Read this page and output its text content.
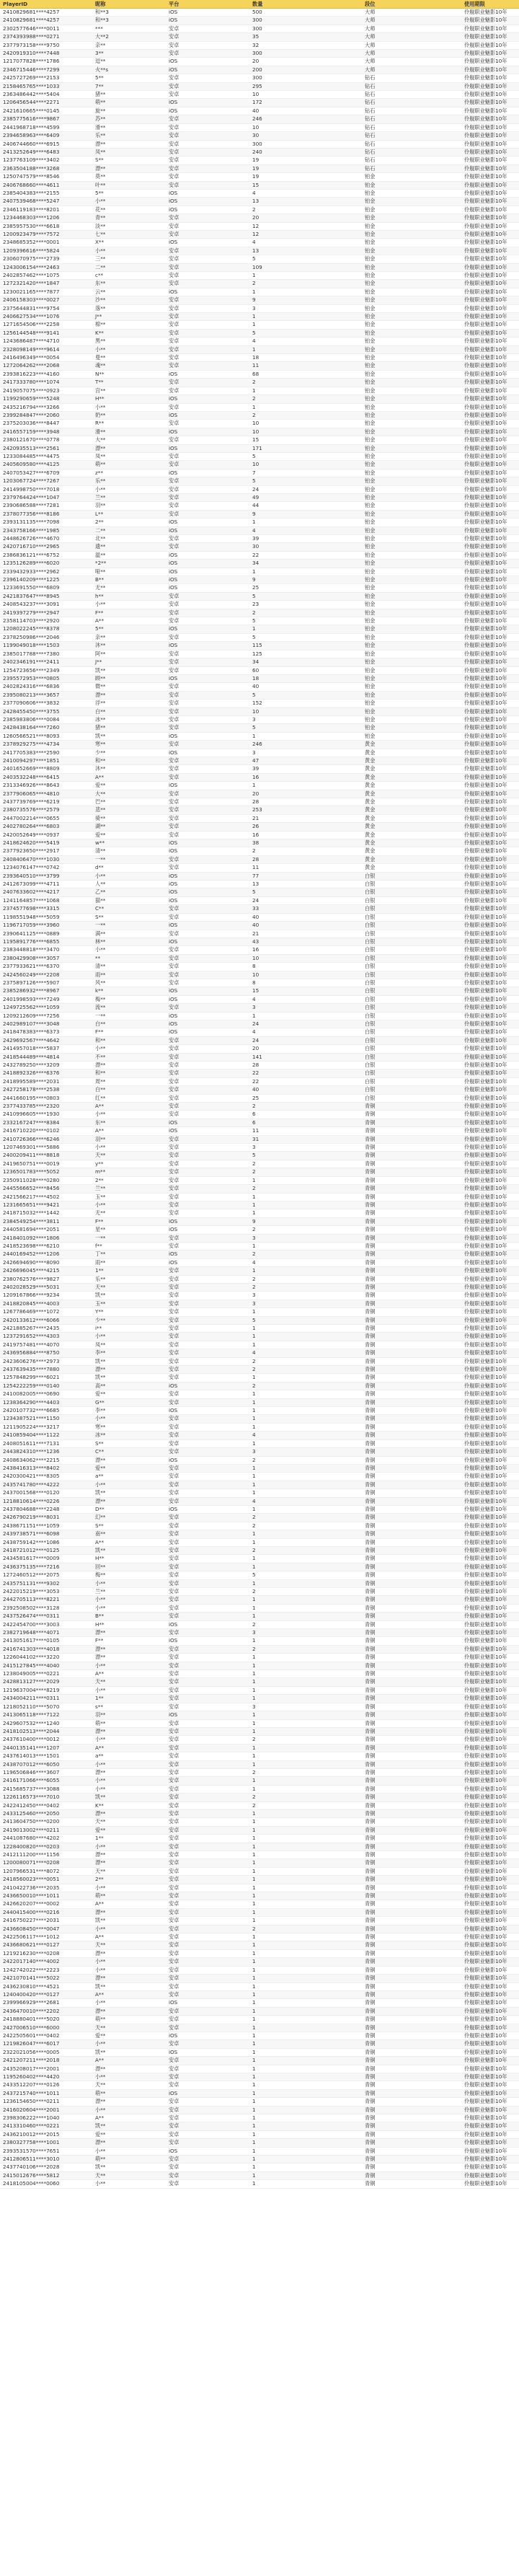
PlayerID	昵称	平台	数量	段位	使用期限
2410829681****4257	和**3	iOS	500	大师	伶舰职业魅影10年
2410829681****4257	和**3	iOS	300	大师	伶舰职业魅影10年
2302577646****0011	***	安卓	300	大师	伶舰职业魅影10年
2374393988****0271	大**2	安卓	35	大师	伶舰职业魅影10年
2377973158****9750	亲**	安卓	32	大师	伶舰职业魅影10年
2420919310****7448	3**	安卓	300	大师	伶舰职业魅影10年
1217077828****1786	逗**	iOS	20	大师	伶舰职业魅影10年
2346715446****7299	火**s	iOS	200	大师	伶舰职业魅影10年
2425727269****2153	5**	安卓	300	钻石	伶舰职业魅影10年
2158465765****1033	7**	安卓	295	钻石	伶舰职业魅影10年
2363486442****5404	猪**	安卓	10	钻石	伶舰职业魅影10年
1206456544****2271	萌**	iOS	172	钻石	伶舰职业魅影10年
2421610665****0145	旋**	iOS	40	钻石	伶舰职业魅影10年
2385775616****9867	苏**	安卓	246	钻石	伶舰职业魅影10年
2441968718****4599	滑**	安卓	10	钻石	伶舰职业魅影10年
2394658963****6409	乐**	安卓	30	钻石	伶舰职业魅影10年
2406744660****6915	漂**	安卓	300	钻石	伶舰职业魅影10年
2413252649****6483	凤**	安卓	240	钻石	伶舰职业魅影10年
1237763109****3402	S**	安卓	19	钻石	伶舰职业魅影10年
2363504188****3268	漂**	安卓	19	钻石	伶舰职业魅影10年
1250747579****8546	莫**	安卓	19	铂金	伶舰职业魅影10年
2406768660****4611	叶**	安卓	15	铂金	伶舰职业魅影10年
2385404383****2155	5**	iOS	4	铂金	伶舰职业魅影10年
2407539468****5247	小**	iOS	13	铂金	伶舰职业魅影10年
2346119183****8201	花**	iOS	2	铂金	伶舰职业魅影10年
1234468303****1206	青**	安卓	20	铂金	伶舰职业魅影10年
2385957530****6618	淡**	安卓	12	铂金	伶舰职业魅影10年
1200923479****7572	七**	安卓	12	铂金	伶舰职业魅影10年
2348685352****0001	X**	iOS	4	铂金	伶舰职业魅影10年
1209396616****5824	小**	安卓	13	铂金	伶舰职业魅影10年
2306070975****2739	三**	安卓	5	铂金	伶舰职业魅影10年
1243006154****2463	二**	安卓	109	铂金	伶舰职业魅影10年
2402857462****1075	c**	安卓	1	铂金	伶舰职业魅影10年
1272321420****1847	东**	安卓	2	铂金	伶舰职业魅影10年
1230021165****7877	云**	iOS	1	铂金	伶舰职业魅影10年
2406158303****0027	沙**	安卓	9	铂金	伶舰职业魅影10年
2375644831****9754	落**	安卓	3	铂金	伶舰职业魅影10年
2406627534****1076	J**	安卓	1	铂金	伶舰职业魅影10年
1271654506****2258	棉**	安卓	1	铂金	伶舰职业魅影10年
1256144548****9141	K**	安卓	5	铂金	伶舰职业魅影10年
1243686487****4710	黑**	安卓	4	铂金	伶舰职业魅影10年
2328098149****9614	小**	安卓	1	铂金	伶舰职业魅影10年
2416496349****0054	曼**	安卓	18	铂金	伶舰职业魅影10年
1272064262****2068	魂**	安卓	11	铂金	伶舰职业魅影10年
2393816223****4160	N**	iOS	68	铂金	伶舰职业魅影10年
2417333780****1074	T**	安卓	2	铂金	伶舰职业魅影10年
2419057075****0923	宫**	安卓	1	铂金	伶舰职业魅影10年
1199290659****5248	H**	iOS	2	铂金	伶舰职业魅影10年
2435216794****3266	小**	安卓	1	铂金	伶舰职业魅影10年
2399284847****2060	奶**	iOS	2	铂金	伶舰职业魅影10年
2375203036****8447	R**	安卓	10	铂金	伶舰职业魅影10年
2416557159****3948	滑**	iOS	10	铂金	伶舰职业魅影10年
2380121670****0778	大**	安卓	15	铂金	伶舰职业魅影10年
2420935513****2561	漂**	iOS	171	铂金	伶舰职业魅影10年
1233084485****4475	凤**	安卓	5	铂金	伶舰职业魅影10年
2405609580****4125	萌**	安卓	10	铂金	伶舰职业魅影10年
2407053427****6709	z**	iOS	7	铂金	伶舰职业魅影10年
1203067724****7267	乐**	安卓	5	铂金	伶舰职业魅影10年
2414998750****7018	小**	安卓	24	铂金	伶舰职业魅影10年
2379764424****1047	兰**	安卓	49	铂金	伶舰职业魅影10年
2390686588****7281	羽**	安卓	44	铂金	伶舰职业魅影10年
2378077356****8186	L**	安卓	9	铂金	伶舰职业魅影10年
2393131135****7098	2**	iOS	1	铂金	伶舰职业魅影10年
2343758166****1985	二**	iOS	4	铂金	伶舰职业魅影10年
2448626726****4670	北**	安卓	39	铂金	伶舰职业魅影10年
2420716710****2965	遗**	安卓	30	铂金	伶舰职业魅影10年
2386836121****6752	温**	iOS	22	铂金	伶舰职业魅影10年
1235126289****6020	*2**	iOS	34	铂金	伶舰职业魅影10年
2339432933****2962	哑**	iOS	1	铂金	伶舰职业魅影10年
2396140209****1225	B**	iOS	9	铂金	伶舰职业魅影10年
1233691550****6809	无**	iOS	25	铂金	伶舰职业魅影10年
2421837647****8945	h**	安卓	5	铂金	伶舰职业魅影10年
2408543237****3091	小**	安卓	23	铂金	伶舰职业魅影10年
2419397279****2947	F**	安卓	2	铂金	伶舰职业魅影10年
2358114703****2920	A**	安卓	5	铂金	伶舰职业魅影10年
1208022245****8378	5**	iOS	1	铂金	伶舰职业魅影10年
2378250986****2046	亲**	安卓	5	铂金	伶舰职业魅影10年
1199049018****1503	沐**	iOS	115	铂金	伶舰职业魅影10年
2385017788****7380	阿**	安卓	125	铂金	伶舰职业魅影10年
2402346191****2411	J**	安卓	34	铂金	伶舰职业魅影10年
1254723656****2349	凯**	安卓	60	铂金	伶舰职业魅影10年
2395572953****0805	顾**	iOS	18	铂金	伶舰职业魅影10年
2402824316****6836	微**	安卓	40	铂金	伶舰职业魅影10年
2395080213****3657	漂**	安卓	5	铂金	伶舰职业魅影10年
2377090606****3832	浮**	安卓	152	铂金	伶舰职业魅影10年
2428455450****3755	白**	安卓	10	铂金	伶舰职业魅影10年
2385983806****0084	冰**	安卓	3	铂金	伶舰职业魅影10年
2428438164****7260	猪**	安卓	5	铂金	伶舰职业魅影10年
1260566521****8093	凯**	iOS	1	铂金	伶舰职业魅影10年
2378929275****4734	寒**	安卓	246	黄金	伶舰职业魅影10年
2417705383****2590	少**	iOS	3	黄金	伶舰职业魅影10年
2410094297****1851	和**	安卓	47	黄金	伶舰职业魅影10年
2401652669****8809	沐**	安卓	39	黄金	伶舰职业魅影10年
2403532248****6415	A**	安卓	16	黄金	伶舰职业魅影10年
2313346926****8643	爱**	iOS	1	黄金	伶舰职业魅影10年
2377906065****4810	大**	安卓	20	黄金	伶舰职业魅影10年
2437739769****6219	巴**	安卓	28	黄金	伶舰职业魅影10年
2380735576****2579	悲**	安卓	253	黄金	伶舰职业魅影10年
2447002214****0655	骑**	安卓	21	黄金	伶舰职业魅影10年
2402780264****6803	湖**	安卓	26	黄金	伶舰职业魅影10年
2420052649****0937	爱**	安卓	16	黄金	伶舰职业魅影10年
2418624620****5419	w**	iOS	38	黄金	伶舰职业魅影10年
2377923650****2917	清**	iOS	2	黄金	伶舰职业魅影10年
2408406470****1030	一**	安卓	28	黄金	伶舰职业魅影10年
1234076147****0742	d**	安卓	11	黄金	伶舰职业魅影10年
2393640510****3799	小**	iOS	77	白银	伶舰职业魅影10年
2412673099****4711	人**	iOS	13	白银	伶舰职业魅影10年
2407633602****4217	乙**	iOS	5	白银	伶舰职业魅影10年
1241164857****1068	猫**	iOS	24	白银	伶舰职业魅影10年
2374577698****3315	C**	安卓	33	白银	伶舰职业魅影10年
1198551948****5059	S**	安卓	40	白银	伶舰职业魅影10年
1196717059****3960	一**	iOS	40	白银	伶舰职业魅影10年
2390641125****0889	满**	安卓	21	白银	伶舰职业魅影10年
1195891776****6855	林**	iOS	43	白银	伶舰职业魅影10年
2383448818****3470	小**	安卓	16	白银	伶舰职业魅影10年
2380429908****3057	**	安卓	10	白银	伶舰职业魅影10年
2377933621****6370	清**	安卓	8	白银	伶舰职业魅影10年
2424560249****2208	雨**	安卓	10	白银	伶舰职业魅影10年
2375897126****5907	风**	安卓	8	白银	伶舰职业魅影10年
2385286932****8967	k**	iOS	15	白银	伶舰职业魅影10年
2401998593****7249	梅**	iOS	4	白银	伶舰职业魅影10年
1249725562****1059	流**	安卓	3	白银	伶舰职业魅影10年
1209212609****7256	一**	iOS	1	白银	伶舰职业魅影10年
2402989107****3048	白**	iOS	24	白银	伶舰职业魅影10年
2418478383****6373	F**	iOS	4	白银	伶舰职业魅影10年
2429692567****4642	和**	安卓	24	白银	伶舰职业魅影10年
2414957018****5837	小**	安卓	20	白银	伶舰职业魅影10年
2418544489****4814	不**	安卓	141	白银	伶舰职业魅影10年
2432789250****3209	漂**	安卓	28	白银	伶舰职业魅影10年
2418892326****6376	和**	安卓	22	白银	伶舰职业魅影10年
2418995589****2031	周**	安卓	22	白银	伶舰职业魅影10年
2427258178****2538	白**	安卓	40	白银	伶舰职业魅影10年
2441660195****0803	红**	安卓	25	白银	伶舰职业魅影10年
2377433785****2320	A**	安卓	2	青铜	伶舰职业魅影10年
2410996605****1930	小**	安卓	6	青铜	伶舰职业魅影10年
2332167247****8384	东**	iOS	6	青铜	伶舰职业魅影10年
2416710220****0102	A**	iOS	11	青铜	伶舰职业魅影10年
2410726366****6246	羽**	安卓	31	青铜	伶舰职业魅影10年
1207469301****5886	小**	安卓	3	青铜	伶舰职业魅影10年
2400209411****8818	天**	安卓	5	青铜	伶舰职业魅影10年
2419650751****0019	y**	安卓	2	青铜	伶舰职业魅影10年
1236501783****5052	m**	安卓	2	青铜	伶舰职业魅影10年
2350911028****0280	2**	安卓	1	青铜	伶舰职业魅影10年
2445566652****8456	兰**	安卓	2	青铜	伶舰职业魅影10年
2421566217****4502	玉**	安卓	1	青铜	伶舰职业魅影10年
1231665651****9421	小**	安卓	1	青铜	伶舰职业魅影10年
2418715032****1442	无**	安卓	1	青铜	伶舰职业魅影10年
2384549254****3811	F**	iOS	9	青铜	伶舰职业魅影10年
2440581694****2051	星**	iOS	2	青铜	伶舰职业魅影10年
2418401092****1806	一**	安卓	3	青铜	伶舰职业魅影10年
2418523698****6210	f**	安卓	1	青铜	伶舰职业魅影10年
2440169452****1206	丁**	iOS	2	青铜	伶舰职业魅影10年
2426694690****8090	雨**	iOS	4	青铜	伶舰职业魅影10年
2426696045****4215	1**	安卓	1	青铜	伶舰职业魅影10年
2380762576****9827	乐**	安卓	2	青铜	伶舰职业魅影10年
2402028529****5031	天**	安卓	2	青铜	伶舰职业魅影10年
1209167866****9234	凯**	安卓	3	青铜	伶舰职业魅影10年
2418820845****4003	玉**	安卓	3	青铜	伶舰职业魅影10年
1267786469****1072	Y**	安卓	1	青铜	伶舰职业魅影10年
2420133612****6066	少**	安卓	5	青铜	伶舰职业魅影10年
2421885267****2435	i**	安卓	1	青铜	伶舰职业魅影10年
1237291652****4303	小**	安卓	1	青铜	伶舰职业魅影10年
2419757481****4070	凤**	安卓	1	青铜	伶舰职业魅影10年
2436956884****8750	李**	安卓	4	青铜	伶舰职业魅影10年
2423606276****2973	凯**	安卓	2	青铜	伶舰职业魅影10年
2437639435****7880	漂**	安卓	2	青铜	伶舰职业魅影10年
1257848299****6021	凯**	安卓	1	青铜	伶舰职业魅影10年
1254222259****0140	高**	iOS	2	青铜	伶舰职业魅影10年
2410082005****0690	爱**	安卓	1	青铜	伶舰职业魅影10年
1238364290****4403	G**	安卓	1	青铜	伶舰职业魅影10年
2420107732****6685	李**	iOS	1	青铜	伶舰职业魅影10年
1234387521****1150	小**	安卓	1	青铜	伶舰职业魅影10年
1211905224****3217	寒**	安卓	1	青铜	伶舰职业魅影10年
2410859404****1122	冰**	安卓	4	青铜	伶舰职业魅影10年
2408051611****7131	S**	安卓	1	青铜	伶舰职业魅影10年
2443824310****1236	C**	安卓	3	青铜	伶舰职业魅影10年
2408634062****2215	漂**	iOS	2	青铜	伶舰职业魅影10年
2438416313****8402	爱**	安卓	1	青铜	伶舰职业魅影10年
2420300421****8305	a**	安卓	1	青铜	伶舰职业魅影10年
2435741780****4222	小**	安卓	1	青铜	伶舰职业魅影10年
2437001568****0120	凯**	安卓	1	青铜	伶舰职业魅影10年
1218810614****0226	漂**	安卓	4	青铜	伶舰职业魅影10年
2437804688****2248	D**	iOS	1	青铜	伶舰职业魅影10年
2426790219****8031	幻**	安卓	2	青铜	伶舰职业魅影10年
2438671151****1059	S**	安卓	2	青铜	伶舰职业魅影10年
2439738571****6098	南**	安卓	1	青铜	伶舰职业魅影10年
2438759142****1086	A**	安卓	1	青铜	伶舰职业魅影10年
2418721012****0125	凯**	安卓	2	青铜	伶舰职业魅影10年
2434581617****0009	H**	安卓	1	青铜	伶舰职业魅影10年
2436375135****7216	回**	安卓	1	青铜	伶舰职业魅影10年
1272460512****2075	梅**	安卓	5	青铜	伶舰职业魅影10年
2435751131****9302	小**	安卓	1	青铜	伶舰职业魅影10年
2422015219****3053	兰**	安卓	2	青铜	伶舰职业魅影10年
2442705113****8221	小**	安卓	1	青铜	伶舰职业魅影10年
2392508502****3128	小**	安卓	1	青铜	伶舰职业魅影10年
2437526474****0311	B**	安卓	1	青铜	伶舰职业魅影10年
2422454700****3003	H**	iOS	2	青铜	伶舰职业魅影10年
2382719648****4071	漂**	安卓	3	青铜	伶舰职业魅影10年
2413051617****0105	F**	iOS	1	青铜	伶舰职业魅影10年
2416741303****4018	漂**	安卓	2	青铜	伶舰职业魅影10年
1226044102****3220	漂**	安卓	1	青铜	伶舰职业魅影10年
2415127845****4040	小**	安卓	1	青铜	伶舰职业魅影10年
1238049005****0221	A**	安卓	1	青铜	伶舰职业魅影10年
2428813127****2029	天**	安卓	1	青铜	伶舰职业魅影10年
1219637004****8219	小**	安卓	1	青铜	伶舰职业魅影10年
2434004211****0311	1**	安卓	1	青铜	伶舰职业魅影10年
1218052110****5070	s**	安卓	3	青铜	伶舰职业魅影10年
2413065118****7122	羽**	iOS	1	青铜	伶舰职业魅影10年
2429607532****1240	萌**	安卓	1	青铜	伶舰职业魅影10年
2418102513****2044	漂**	安卓	1	青铜	伶舰职业魅影10年
2437610400****0012	小**	安卓	2	青铜	伶舰职业魅影10年
2440135141****1207	A**	安卓	1	青铜	伶舰职业魅影10年
2437614013****1501	a**	安卓	1	青铜	伶舰职业魅影10年
2438707012****6050	小**	安卓	1	青铜	伶舰职业魅影10年
1196506846****3607	漂**	安卓	2	青铜	伶舰职业魅影10年
2416171066****6055	小**	安卓	1	青铜	伶舰职业魅影10年
2415685737****3088	小**	安卓	1	青铜	伶舰职业魅影10年
1226116573****7010	凯**	安卓	2	青铜	伶舰职业魅影10年
2422412450****0402	K**	安卓	2	青铜	伶舰职业魅影10年
2433125460****2050	漂**	安卓	1	青铜	伶舰职业魅影10年
2413604750****0200	天**	安卓	1	青铜	伶舰职业魅影10年
2419013002****0211	爱**	安卓	1	青铜	伶舰职业魅影10年
2441087680****4202	1**	安卓	1	青铜	伶舰职业魅影10年
1228400820****0203	小**	安卓	1	青铜	伶舰职业魅影10年
2412111200****1156	漂**	安卓	1	青铜	伶舰职业魅影10年
1200080071****0208	漂**	安卓	1	青铜	伶舰职业魅影10年
1207966531****8072	天**	安卓	1	青铜	伶舰职业魅影10年
2418560023****0051	2**	安卓	1	青铜	伶舰职业魅影10年
2410422736****2035	小**	安卓	1	青铜	伶舰职业魅影10年
2436650010****1011	萌**	安卓	1	青铜	伶舰职业魅影10年
2426620207****0002	A**	安卓	1	青铜	伶舰职业魅影10年
2440415400****0216	漂**	安卓	1	青铜	伶舰职业魅影10年
2416750227****2031	凯**	安卓	1	青铜	伶舰职业魅影10年
2436608450****0047	小**	安卓	2	青铜	伶舰职业魅影10年
2422506117****1012	A**	安卓	1	青铜	伶舰职业魅影10年
2436680621****0127	天**	安卓	1	青铜	伶舰职业魅影10年
1219216230****0208	漂**	安卓	1	青铜	伶舰职业魅影10年
2422017140****4002	小**	安卓	1	青铜	伶舰职业魅影10年
1242742022****2223	小**	安卓	1	青铜	伶舰职业魅影10年
2421070141****5022	漂**	安卓	1	青铜	伶舰职业魅影10年
2436230810****4521	凯**	安卓	1	青铜	伶舰职业魅影10年
1240400420****0127	A**	安卓	1	青铜	伶舰职业魅影10年
2399966929****2681	小**	iOS	1	青铜	伶舰职业魅影10年
2436470010****2202	漂**	安卓	1	青铜	伶舰职业魅影10年
2418880401****5020	萌**	安卓	1	青铜	伶舰职业魅影10年
2427006510****6000	天**	安卓	1	青铜	伶舰职业魅影10年
2422505601****0402	爱**	iOS	1	青铜	伶舰职业魅影10年
1219826047****6017	小**	安卓	1	青铜	伶舰职业魅影10年
2322021056****0005	凯**	iOS	1	青铜	伶舰职业魅影10年
2421207211****2018	A**	安卓	1	青铜	伶舰职业魅影10年
2435208017****2001	漂**	安卓	1	青铜	伶舰职业魅影10年
1195260402****4420	小**	安卓	1	青铜	伶舰职业魅影10年
2433512207****0126	天**	安卓	1	青铜	伶舰职业魅影10年
2437215740****1011	萌**	iOS	1	青铜	伶舰职业魅影10年
1236154650****0211	漂**	安卓	1	青铜	伶舰职业魅影10年
2416020604****2001	小**	安卓	1	青铜	伶舰职业魅影10年
2398306222****1040	A**	安卓	1	青铜	伶舰职业魅影10年
2413310460****0221	凯**	安卓	1	青铜	伶舰职业魅影10年
2436210012****2015	爱**	安卓	1	青铜	伶舰职业魅影10年
2380327758****1001	漂**	安卓	1	青铜	伶舰职业魅影10年
2393531570****7651	小**	iOS	1	青铜	伶舰职业魅影10年
2412806511****3010	萌**	安卓	1	青铜	伶舰职业魅影10年
2437740106****2028	凯**	安卓	1	青铜	伶舰职业魅影10年
2415012676****5812	天**	安卓	1	青铜	伶舰职业魅影10年
2418105004****0060	小**	安卓	1	青铜	伶舰职业魅影10年
